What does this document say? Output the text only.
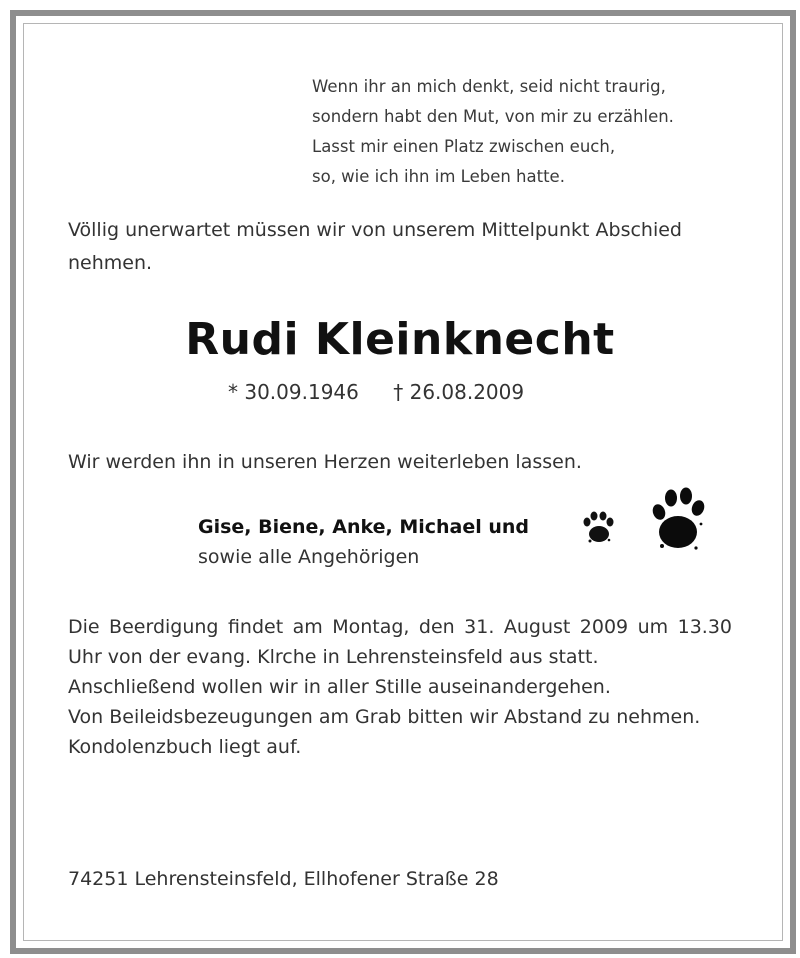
Wenn ihr an mich denkt, seid nicht traurig,
sondern habt den Mut, von mir zu erzählen.
Lasst mir einen Platz zwischen euch,
so, wie ich ihn im Leben hatte.
Völlig unerwartet müssen wir von unserem Mittelpunkt Abschied nehmen.
Rudi Kleinknecht
* 30.09.1946 † 26.08.2009
Wir werden ihn in unseren Herzen weiterleben lassen.
Gise, Biene, Anke, Michael und
sowie alle Angehörigen

Die Beerdigung findet am Montag, den 31. August 2009 um 13.30 Uhr von der evang. Klrche in Lehrensteinsfeld aus statt.

Anschließend wollen wir in aller Stille auseinandergehen.

Von Beileidsbezeugungen am Grab bitten wir Abstand zu nehmen.

Kondolenzbuch liegt auf.

74251 Lehrensteinsfeld, Ellhofener Straße 28
